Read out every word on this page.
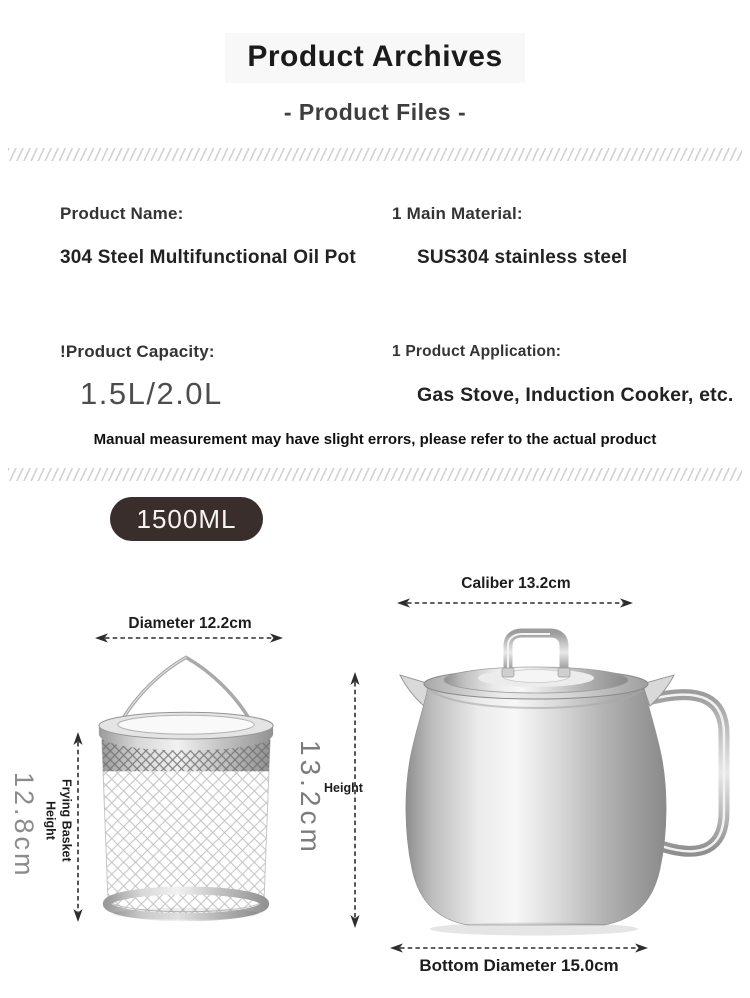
Product Archives
- Product Files -
Product Name:
304 Steel Multifunctional Oil Pot
1 Main Material:
SUS304 stainless steel
!Product Capacity:
1.5L/2.0L
1 Product Application:
Gas Stove, Induction Cooker, etc.
Manual measurement may have slight errors, please refer to the actual product
1500ML
Caliber 13.2cm
Diameter 12.2cm
Bottom Diameter 15.0cm
Height
Frying Basket Height
12.8cm	13.2cm
